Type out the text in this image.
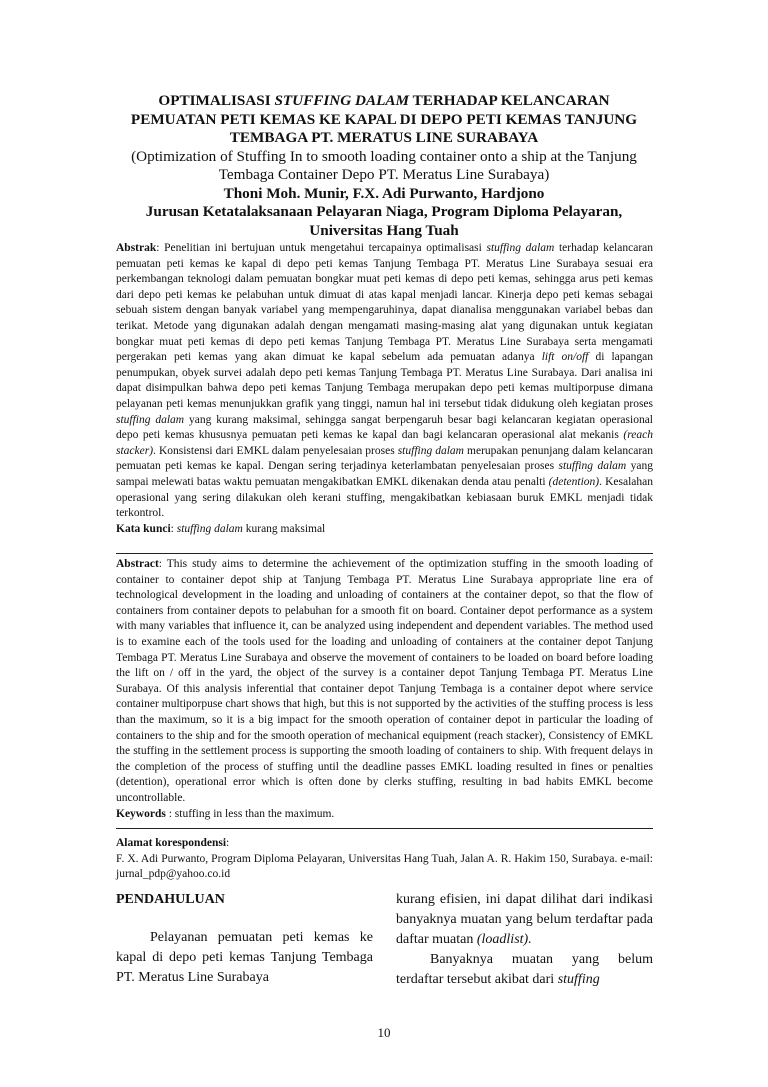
OPTIMALISASI STUFFING DALAM TERHADAP KELANCARAN
PEMUATAN PETI KEMAS KE KAPAL DI DEPO PETI KEMAS TANJUNG
TEMBAGA PT. MERATUS LINE SURABAYA
(Optimization of Stuffing In to smooth loading container onto a ship at the Tanjung
Tembaga Container Depo PT. Meratus Line Surabaya)
Thoni Moh. Munir, F.X. Adi Purwanto, Hardjono
Jurusan Ketatalaksanaan Pelayaran Niaga, Program Diploma Pelayaran,
Universitas Hang Tuah

Abstrak: Penelitian ini bertujuan untuk mengetahui tercapainya optimalisasi stuffing dalam terhadap kelancaran pemuatan peti kemas ke kapal di depo peti kemas Tanjung Tembaga PT. Meratus Line Surabaya sesuai era perkembangan teknologi dalam pemuatan bongkar muat peti kemas di depo peti kemas, sehingga arus peti kemas dari depo peti kemas ke pelabuhan untuk dimuat di atas kapal menjadi lancar. Kinerja depo peti kemas sebagai sebuah sistem dengan banyak variabel yang mempengaruhinya, dapat dianalisa menggunakan variabel bebas dan terikat. Metode yang digunakan adalah dengan mengamati masing-masing alat yang digunakan untuk kegiatan bongkar muat peti kemas di depo peti kemas Tanjung Tembaga PT. Meratus Line Surabaya serta mengamati pergerakan peti kemas yang akan dimuat ke kapal sebelum ada pemuatan adanya lift on/off di lapangan penumpukan, obyek survei adalah depo peti kemas Tanjung Tembaga PT. Meratus Line Surabaya. Dari analisa ini dapat disimpulkan bahwa depo peti kemas Tanjung Tembaga merupakan depo peti kemas multiporpuse dimana pelayanan peti kemas menunjukkan grafik yang tinggi, namun hal ini tersebut tidak didukung oleh kegiatan proses stuffing dalam yang kurang maksimal, sehingga sangat berpengaruh besar bagi kelancaran kegiatan operasional depo peti kemas khususnya pemuatan peti kemas ke kapal dan bagi kelancaran operasional alat mekanis (reach stacker). Konsistensi dari EMKL dalam penyelesaian proses stuffing dalam merupakan penunjang dalam kelancaran pemuatan peti kemas ke kapal. Dengan sering terjadinya keterlambatan penyelesaian proses stuffing dalam yang sampai melewati batas waktu pemuatan mengakibatkan EMKL dikenakan denda atau penalti (detention). Kesalahan operasional yang sering dilakukan oleh kerani stuffing, mengakibatkan kebiasaan buruk EMKL menjadi tidak terkontrol.

Kata kunci: stuffing dalam kurang maksimal

Abstract: This study aims to determine the achievement of the optimization stuffing in the smooth loading of container to container depot ship at Tanjung Tembaga PT. Meratus Line Surabaya appropriate line era of technological development in the loading and unloading of containers at the container depot, so that the flow of containers from container depots to pelabuhan for a smooth fit on board. Container depot performance as a system with many variables that influence it, can be analyzed using independent and dependent variables. The method used is to examine each of the tools used for the loading and unloading of containers at the container depot Tanjung Tembaga PT. Meratus Line Surabaya and observe the movement of containers to be loaded on board before loading the lift on / off in the yard, the object of the survey is a container depot Tanjung Tembaga PT. Meratus Line Surabaya. Of this analysis inferential that container depot Tanjung Tembaga is a container depot where service container multiporpuse chart shows that high, but this is not supported by the activities of the stuffing process is less than the maximum, so it is a big impact for the smooth operation of container depot in particular the loading of containers to the ship and for the smooth operation of mechanical equipment (reach stacker), Consistency of EMKL the stuffing in the settlement process is supporting the smooth loading of containers to ship. With frequent delays in the completion of the process of stuffing until the deadline passes EMKL loading resulted in fines or penalties (detention), operational error which is often done by clerks stuffing, resulting in bad habits EMKL become uncontrollable.

Keywords : stuffing in less than the maximum.

Alamat korespondensi:

F. X. Adi Purwanto, Program Diploma Pelayaran, Universitas Hang Tuah, Jalan A. R. Hakim 150, Surabaya. e-mail: jurnal_pdp@yahoo.co.id

PENDAHULUAN

Pelayanan pemuatan peti kemas ke kapal di depo peti kemas Tanjung Tembaga PT. Meratus Line Surabaya

kurang efisien, ini dapat dilihat dari indikasi banyaknya muatan yang belum terdaftar pada daftar muatan (loadlist).

Banyaknya muatan yang belum terdaftar tersebut akibat dari stuffing

10
